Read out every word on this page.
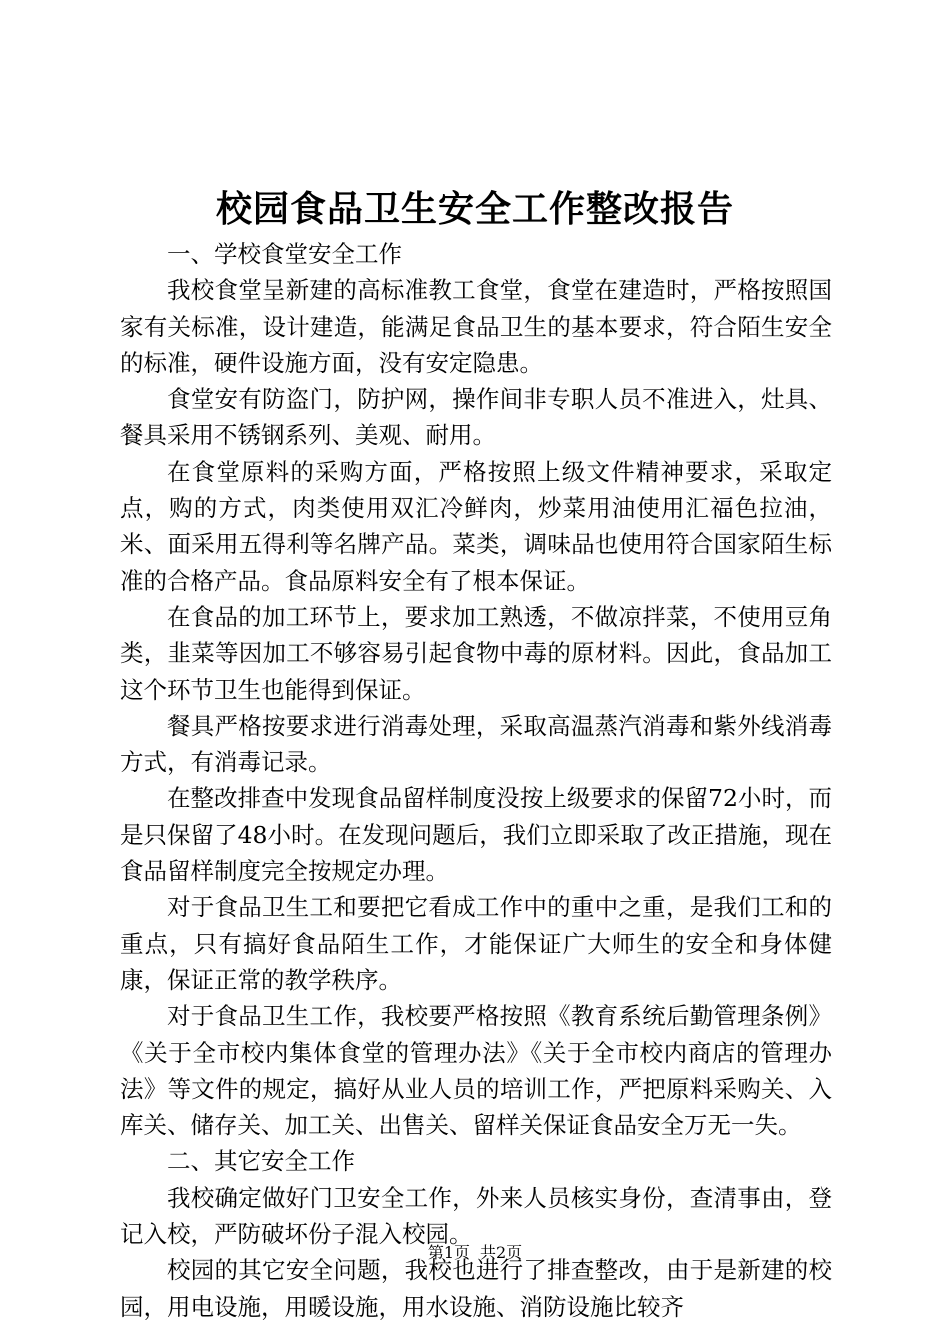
校园食品卫生安全工作整改报告

一、学校食堂安全工作

我校食堂呈新建的高标准教工食堂，食堂在建造时，严格按照国家有关标准，设计建造，能满足食品卫生的基本要求，符合陌生安全的标准，硬件设施方面，没有安定隐患。

食堂安有防盗门，防护网，操作间非专职人员不准进入，灶具、餐具采用不锈钢系列、美观、耐用。

在食堂原料的采购方面，严格按照上级文件精神要求，采取定点，购的方式，肉类使用双汇冷鲜肉，炒菜用油使用汇福色拉油，米、面采用五得利等名牌产品。菜类，调味品也使用符合国家陌生标准的合格产品。食品原料安全有了根本保证。

在食品的加工环节上，要求加工熟透，不做凉拌菜，不使用豆角类，韭菜等因加工不够容易引起食物中毒的原材料。因此，食品加工这个环节卫生也能得到保证。

餐具严格按要求进行消毒处理，采取高温蒸汽消毒和紫外线消毒方式，有消毒记录。

在整改排查中发现食品留样制度没按上级要求的保留72小时，而是只保留了48小时。在发现问题后，我们立即采取了改正措施，现在食品留样制度完全按规定办理。

对于食品卫生工和要把它看成工作中的重中之重，是我们工和的重点，只有搞好食品陌生工作，才能保证广大师生的安全和身体健康，保证正常的教学秩序。

对于食品卫生工作，我校要严格按照《教育系统后勤管理条例》《关于全市校内集体食堂的管理办法》《关于全市校内商店的管理办法》等文件的规定，搞好从业人员的培训工作，严把原料采购关、入库关、储存关、加工关、出售关、留样关保证食品安全万无一失。

二、其它安全工作

我校确定做好门卫安全工作，外来人员核实身份，查清事由，登记入校，严防破坏份子混入校园。

校园的其它安全问题，我校也进行了排查整改，由于是新建的校园，用电设施，用暖设施，用水设施、消防设施比较齐

第1页 共2页
